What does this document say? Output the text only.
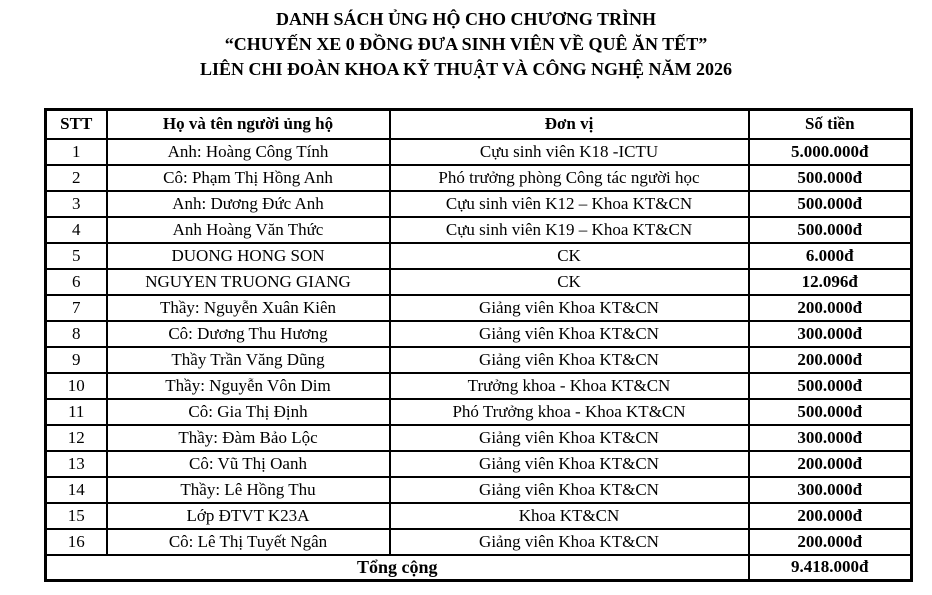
DANH SÁCH ỦNG HỘ CHO CHƯƠNG TRÌNH
“CHUYẾN XE 0 ĐỒNG ĐƯA SINH VIÊN VỀ QUÊ ĂN TẾT”
LIÊN CHI ĐOÀN KHOA KỸ THUẬT VÀ CÔNG NGHỆ NĂM 2026
STT	Họ và tên người ủng hộ	Đơn vị	Số tiền
1	Anh: Hoàng Công Tính	Cựu sinh viên K18 -ICTU	5.000.000đ
2	Cô: Phạm Thị Hồng Anh	Phó trưởng phòng Công tác người học	500.000đ
3	Anh: Dương Đức Anh	Cựu sinh viên K12 – Khoa KT&CN	500.000đ
4	Anh Hoàng Văn Thức	Cựu sinh viên K19 – Khoa KT&CN	500.000đ
5	DUONG HONG SON	CK	6.000đ
6	NGUYEN TRUONG GIANG	CK	12.096đ
7	Thầy: Nguyễn Xuân Kiên	Giảng viên Khoa KT&CN	200.000đ
8	Cô: Dương Thu Hương	Giảng viên Khoa KT&CN	300.000đ
9	Thầy Trần Văng Dũng	Giảng viên Khoa KT&CN	200.000đ
10	Thầy: Nguyễn Vôn Dim	Trưởng khoa - Khoa KT&CN	500.000đ
11	Cô: Gia Thị Định	Phó Trưởng khoa - Khoa KT&CN	500.000đ
12	Thầy: Đàm Bảo Lộc	Giảng viên Khoa KT&CN	300.000đ
13	Cô: Vũ Thị Oanh	Giảng viên Khoa KT&CN	200.000đ
14	Thầy: Lê Hồng Thu	Giảng viên Khoa KT&CN	300.000đ
15	Lớp ĐTVT K23A	Khoa KT&CN	200.000đ
16	Cô: Lê Thị Tuyết Ngân	Giảng viên Khoa KT&CN	200.000đ
Tổng cộng			9.418.000đ
